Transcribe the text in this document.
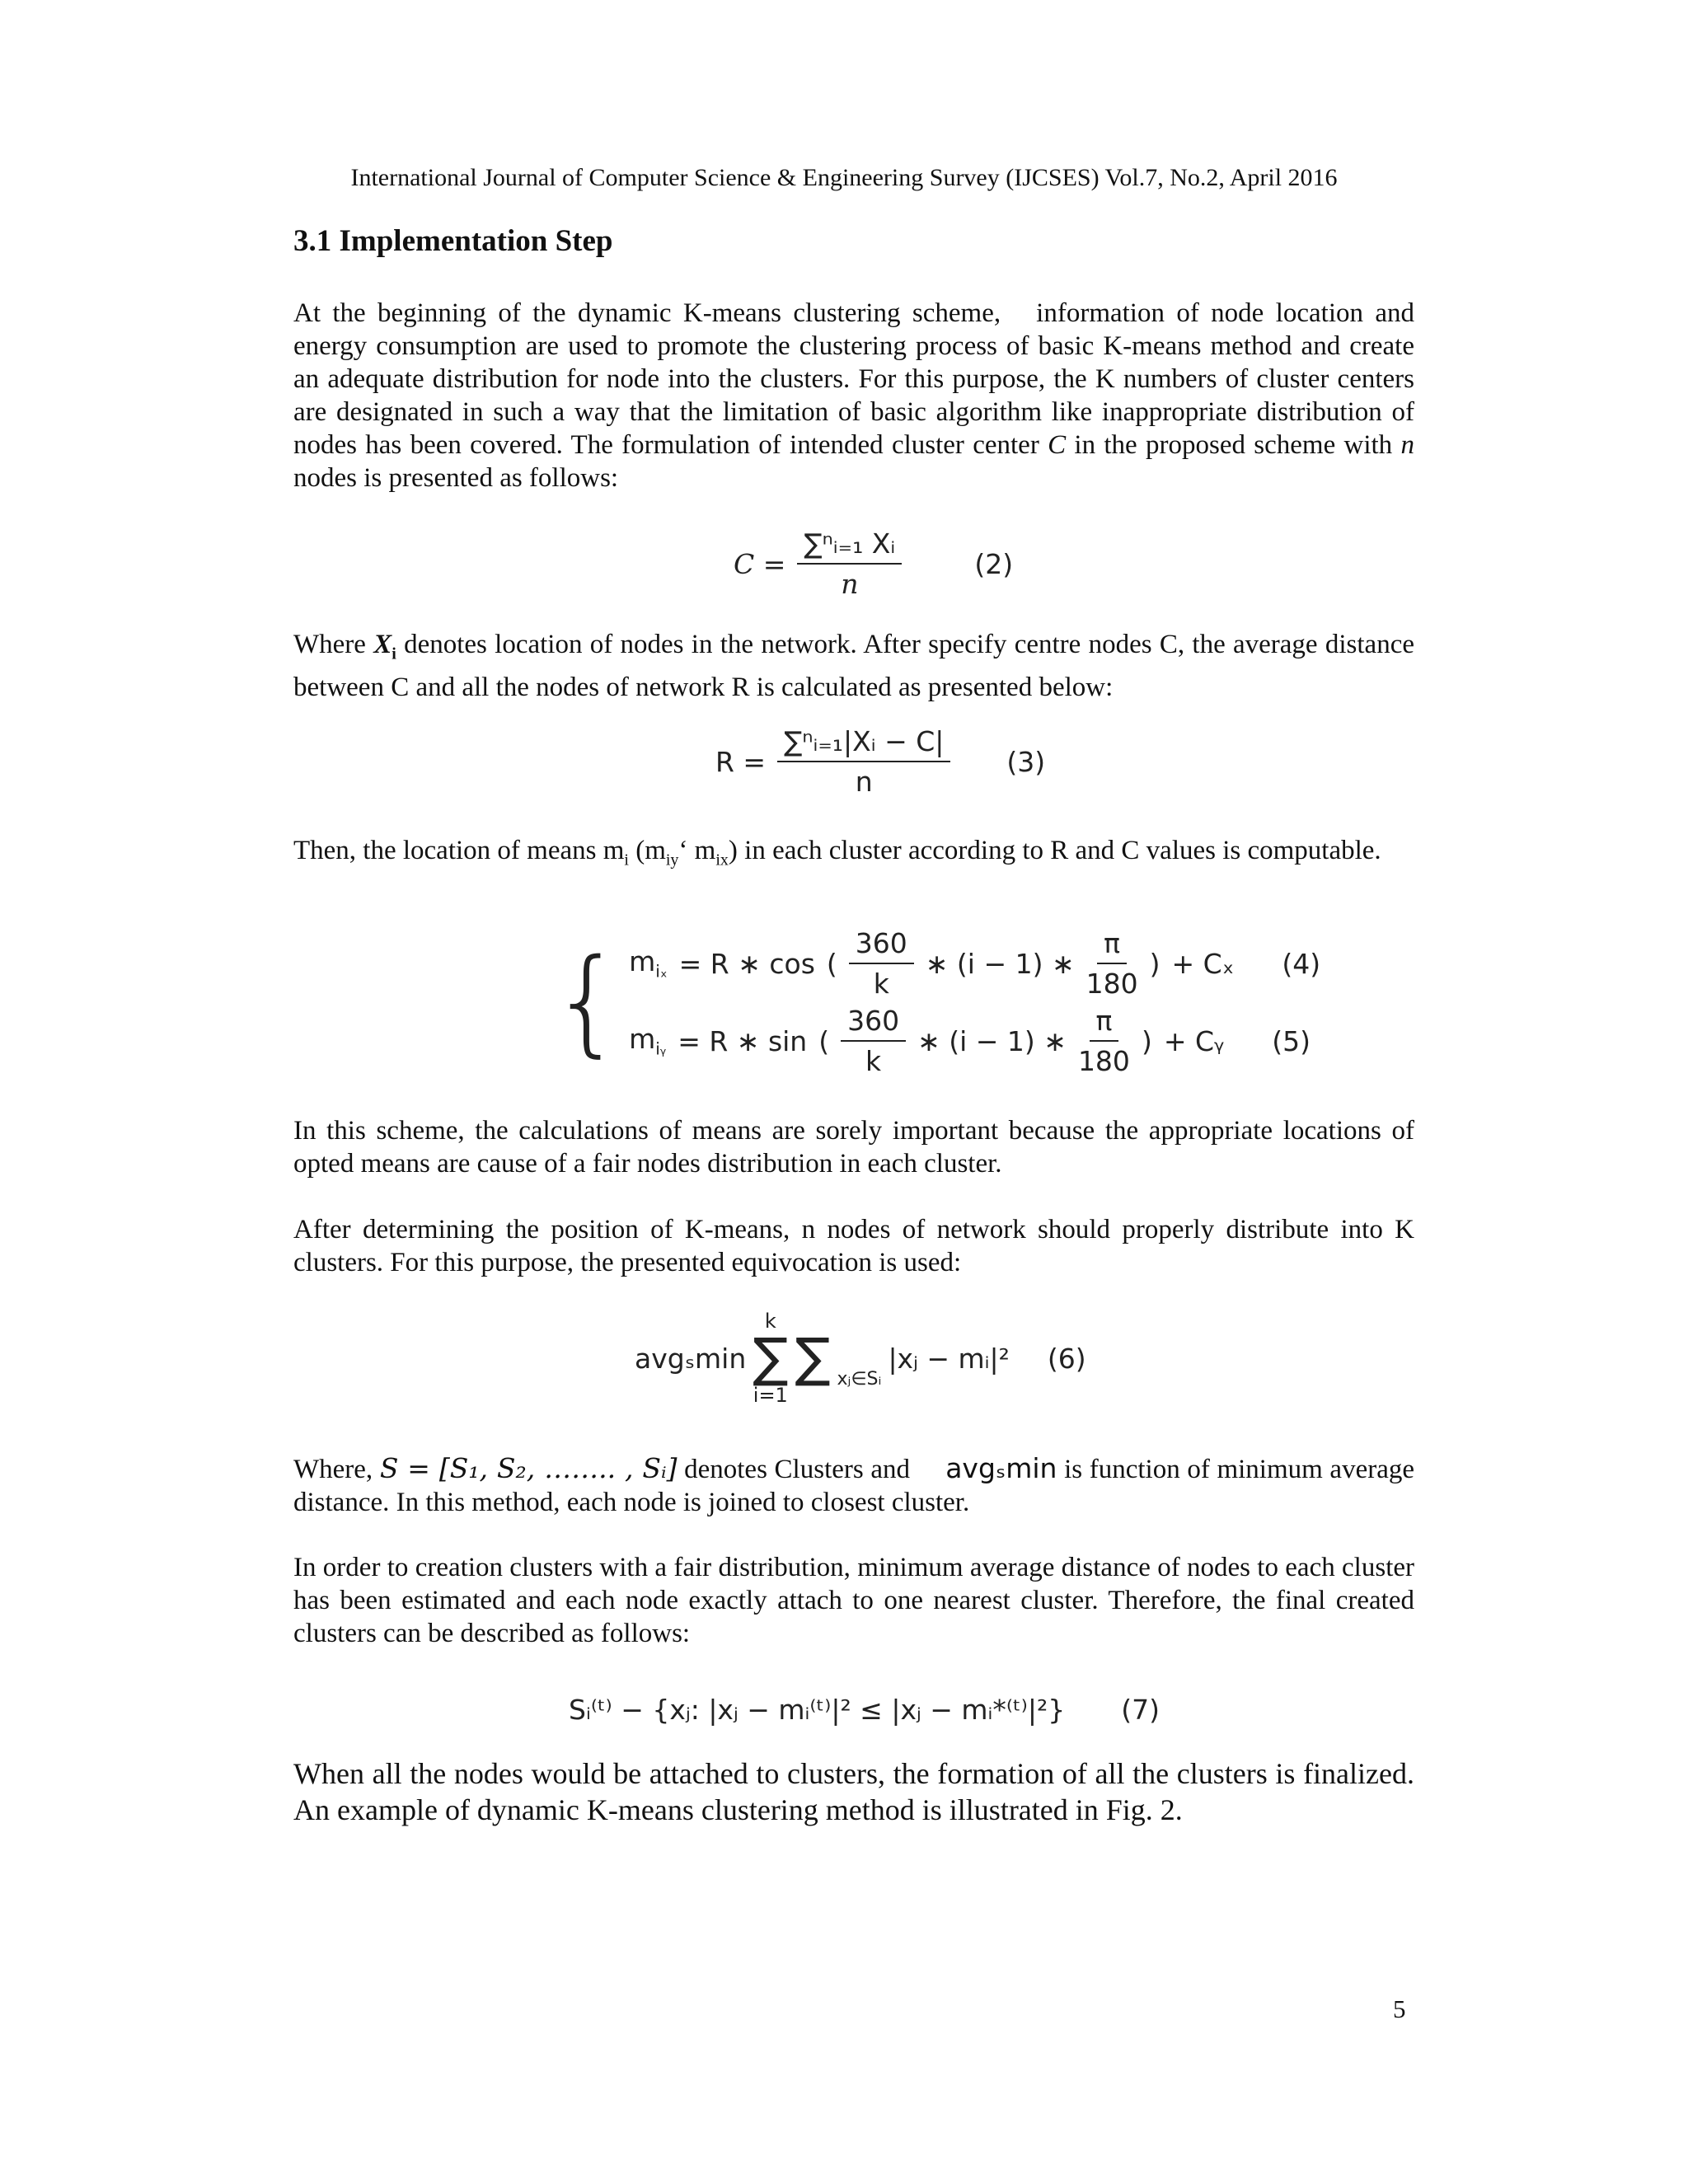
International Journal of Computer Science & Engineering Survey (IJCSES) Vol.7, No.2, April 2016
3.1 Implementation Step
At the beginning of the dynamic K-means clustering scheme,   information of node location and energy consumption are used to promote the clustering process of basic K-means method and create an adequate distribution for node into the clusters. For this purpose, the K numbers of cluster centers are designated in such a way that the limitation of basic algorithm like inappropriate distribution of nodes has been covered. The formulation of intended cluster center C in the proposed scheme with n nodes is presented as follows:
$C = \frac{\text{∑ⁿᵢ₌₁ Xᵢ}}{n}$	(2)
Where $X_i$ denotes location of nodes in the network. After specify centre nodes C, the average distance between C and all the nodes of network R is calculated as presented below:
$R = \frac{\text{∑ⁿᵢ₌₁|Xᵢ − C|}}{n} (3)$
Then, the location of means $m_i$ ($m_{iy}‘$ $m_{ix}$) in each cluster according to R and C values is computable.
{ $m_{i_x} = R$ ∗ cos ( $\frac{360}{k}$ ∗ (i − 1) ∗ $\frac{\pi}{180}$ ) + Cₓ (4)
$m_{iᵧ} = R$ ∗ sin ( $\frac{360}{k}$ ∗ (i − 1) ∗ $\frac{\pi}{180}$ ) + Cᵧ (5)
In this scheme, the calculations of means are sorely important because the appropriate locations of opted means are cause of a fair nodes distribution in each cluster.
After determining the position of K-means, n nodes of network should properly distribute into K clusters. For this purpose, the presented equivocation is used:
avgₛmin
k
∑
i=1
∑ xⱼ∈Sᵢ
|xⱼ − mᵢ|² (6)
Where, S = [S₁, S₂, …….. , Sᵢ] denotes Clusters and     avgₛmin is function of minimum average distance. In this method, each node is joined to closest cluster.
In order to creation clusters with a fair distribution, minimum average distance of nodes to each cluster has been estimated and each node exactly attach to one nearest cluster. Therefore, the final created clusters can be described as follows:
Sᵢ⁽ᵗ⁾ − {xⱼ: |xⱼ − mᵢ⁽ᵗ⁾|² ≤ |xⱼ − mᵢ*⁽ᵗ⁾|²} (7)
When all the nodes would be attached to clusters, the formation of all the clusters is finalized. An example of dynamic K-means clustering method is illustrated in Fig. 2.
5
